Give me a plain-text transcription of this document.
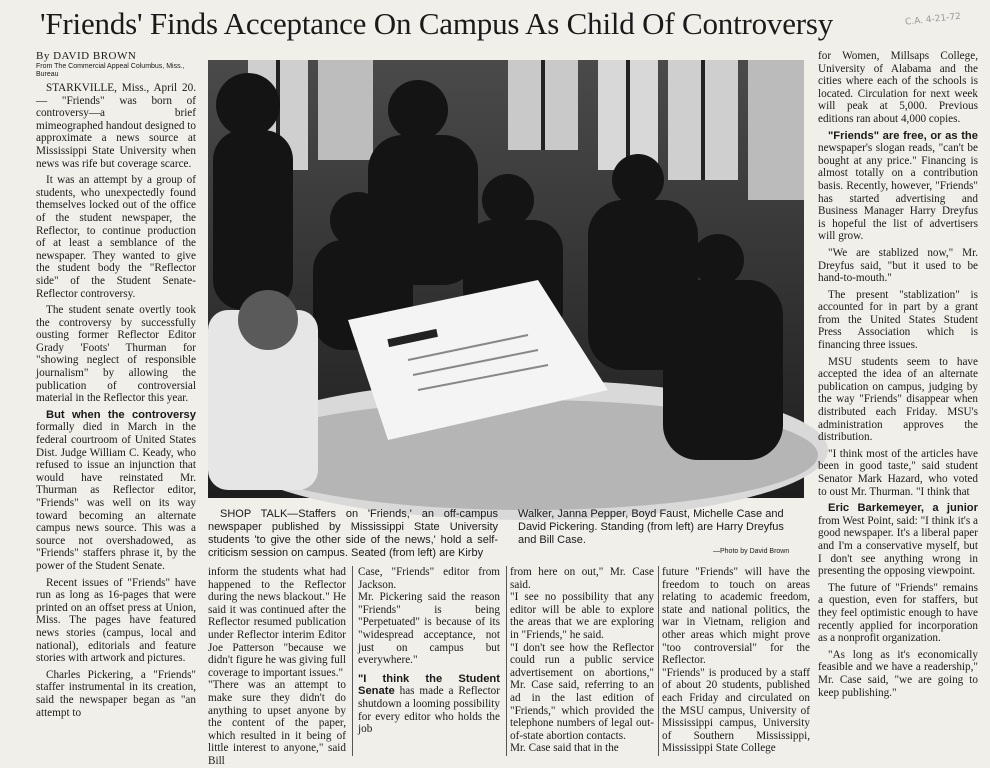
'Friends' Finds Acceptance On Campus As Child Of Controversy	C.A. 4-21-72
By DAVID BROWN
From The Commercial Appeal Columbus, Miss., Bureau

STARKVILLE, Miss., April 20. — "Friends" was born of controversy—a brief mimeographed handout designed to approximate a news source at Mississippi State University when news was rife but coverage scarce.

It was an attempt by a group of students, who unexpectedly found themselves locked out of the office of the student newspaper, the Reflector, to continue production of at least a semblance of the newspaper. They wanted to give the student body the "Reflector side" of the Student Senate-Reflector controversy.

The student senate overtly took the controversy by successfully ousting former Reflector Editor Grady 'Foots' Thurman for "showing neglect of responsible journalism" by allowing the publication of controversial material in the Reflector this year.

But when the controversy formally died in March in the federal courtroom of United States Dist. Judge William C. Keady, who refused to issue an injunction that would have reinstated Mr. Thurman as Reflector editor, "Friends" was well on its way toward becoming an alternate campus news source. This was a source not overshadowed, as "Friends" staffers phrase it, by the power of the Student Senate.

Recent issues of "Friends" have run as long as 16-pages that were printed on an offset press at Union, Miss. The pages have featured news stories (campus, local and national), editorials and feature stories with artwork and pictures.

Charles Pickering, a "Friends" staffer instrumental in its creation, said the newspaper began as "an attempt to

SHOP TALK—Staffers on 'Friends,' an off-campus newspaper published by Mississippi State University students 'to give the other side of the news,' hold a self-criticism session on campus. Seated (from left) are Kirby
Walker, Janna Pepper, Boyd Faust, Michelle Case and David Pickering. Standing (from left) are Harry Dreyfus and Bill Case.
—Photo by David Brown
inform the students what had happened to the Reflector during the news blackout." He said it was continued after the Reflector resumed publication under Reflector interim Editor Joe Patterson "because we didn't figure he was giving full coverage to important issues."
"There was an attempt to make sure they didn't do anything to upset anyone by the content of the paper, which resulted in it being of little interest to anyone," said Bill
Case, "Friends" editor from Jackson.
Mr. Pickering said the reason "Friends" is being "Perpetuated" is because of its "widespread acceptance, not just on campus but everywhere."
"I think the Student Senate has made a Reflector shutdown a looming possibility for every editor who holds the job
from here on out," Mr. Case said.
"I see no possibility that any editor will be able to explore the areas that we are exploring in "Friends," he said.
"I don't see how the Reflector could run a public service advertisement on abortions," Mr. Case said, referring to an ad in the last edition of "Friends," which provided the telephone numbers of legal out-of-state abortion contacts.
Mr. Case said that in the
future "Friends" will have the freedom to touch on areas relating to academic freedom, state and national politics, the war in Vietnam, religion and other areas which might prove "too controversial" for the Reflector.
"Friends" is produced by a staff of about 20 students, published each Friday and circulated on the MSU campus, University of Mississippi campus, University of Southern Mississippi, Mississippi State College

for Women, Millsaps College, University of Alabama and the cities where each of the schools is located. Circulation for next week will peak at 5,000. Previous editions ran about 4,000 copies.

"Friends" are free, or as the newspaper's slogan reads, "can't be bought at any price." Financing is almost totally on a contribution basis. Recently, however, "Friends" has started advertising and Business Manager Harry Dreyfus is hopeful the list of advertisers will grow.

"We are stablized now," Mr. Dreyfus said, "but it used to be hand-to-mouth."

The present "stablization" is accounted for in part by a grant from the United States Student Press Association which is financing three issues.

MSU students seem to have accepted the idea of an alternate publication on campus, judging by the way "Friends" disappear when distributed each Friday. MSU's administration approves the distribution.

"I think most of the articles have been in good taste," said student Senator Mark Hazard, who voted to oust Mr. Thurman. "I think that

Eric Barkemeyer, a junior from West Point, said: "I think it's a good newspaper. It's a liberal paper and I'm a conservative myself, but I don't see anything wrong in presenting the opposing viewpoint.

The future of "Friends" remains a question, even for staffers, but they feel optimistic enough to have recently applied for incorporation as a nonprofit organization.

"As long as it's economically feasible and we have a readership," Mr. Case said, "we are going to keep publishing."
